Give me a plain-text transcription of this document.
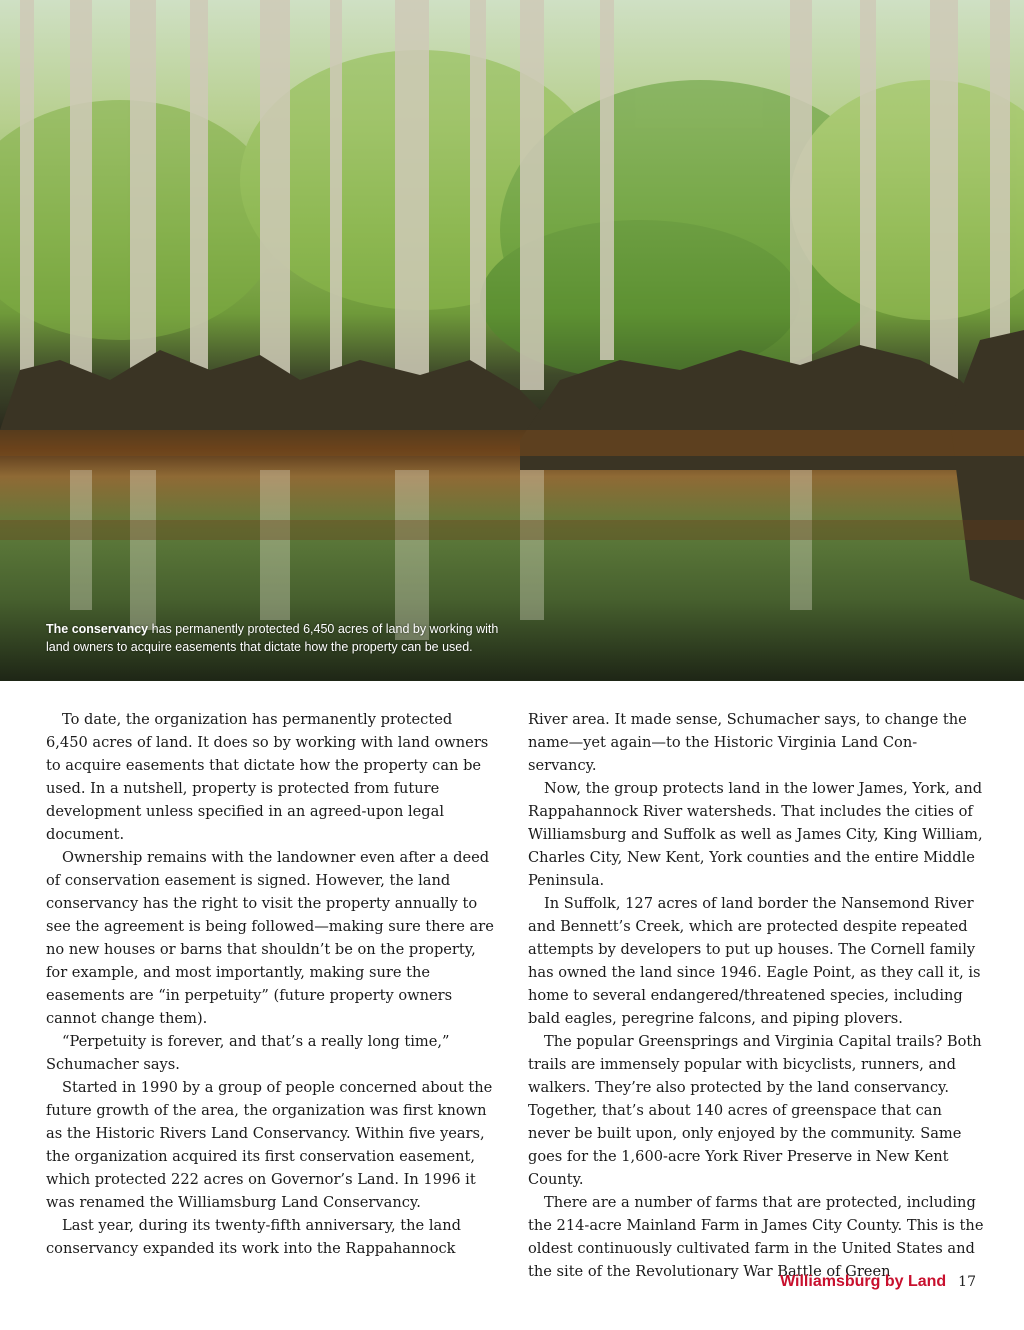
The conservancy has permanently protected 6,450 acres of land by working with land owners to acquire easements that dictate how the property can be used.

To date, the organization has permanently protected 6,450 acres of land. It does so by working with land owners to acquire easements that dictate how the property can be used. In a nutshell, property is protected from future development unless specified in an agreed-upon legal document.

Ownership remains with the landowner even after a deed of conservation easement is signed. However, the land conservancy has the right to visit the property annually to see the agreement is being followed—making sure there are no new houses or barns that shouldn’t be on the property, for example, and most importantly, making sure the easements are “in perpetuity” (future property owners cannot change them).

“Perpetuity is forever, and that’s a really long time,” Schumacher says.

Started in 1990 by a group of people concerned about the future growth of the area, the organization was first known as the Historic Rivers Land Conservancy. Within five years, the organization acquired its first conservation easement, which protected 222 acres on Governor’s Land. In 1996 it was renamed the Williamsburg Land Conservancy.

Last year, during its twenty-fifth anniversary, the land conservancy expanded its work into the Rappahannock

River area. It made sense, Schumacher says, to change the name—yet again—to the Historic Virginia Land Con-servancy.

Now, the group protects land in the lower James, York, and Rappahannock River watersheds. That includes the cities of Williamsburg and Suffolk as well as James City, King William, Charles City, New Kent, York counties and the entire Middle Peninsula.

In Suffolk, 127 acres of land border the Nansemond River and Bennett’s Creek, which are protected despite repeated attempts by developers to put up houses. The Cornell family has owned the land since 1946. Eagle Point, as they call it, is home to several endangered/threatened species, including bald eagles, peregrine falcons, and piping plovers.

The popular Greensprings and Virginia Capital trails? Both trails are immensely popular with bicyclists, runners, and walkers. They’re also protected by the land conservancy. Together, that’s about 140 acres of greenspace that can never be built upon, only enjoyed by the community. Same goes for the 1,600-acre York River Preserve in New Kent County.

There are a number of farms that are protected, including the 214-acre Mainland Farm in James City County. This is the oldest continuously cultivated farm in the United States and the site of the Revolutionary War Battle of Green

Williamsburg by Land 17
